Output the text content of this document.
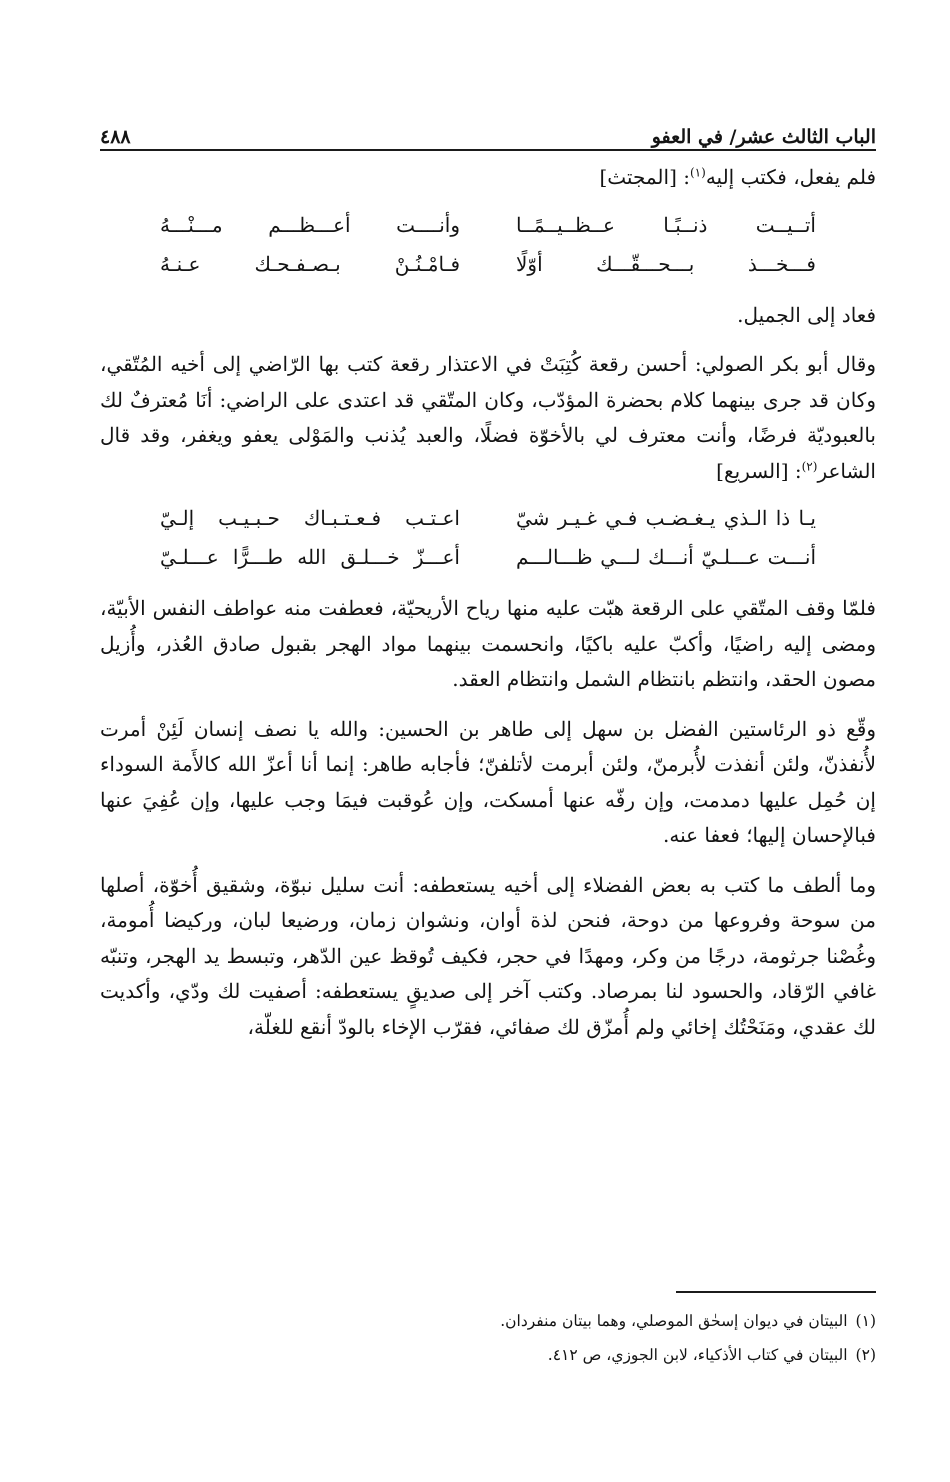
الباب الثالث عشر/ في العفو
٤٨٨

فلم يفعل، فكتب إليه$^{(١)}$: [المجتث]

أتــيــت ذنــبًـا عــظــيــمًــا
وأنــــت أعـــظـــم مـــنْـــهُ
فـــخـــذ بـــحـــقّـــك أوّلًا
فـامْـنُـنْ بـصـفـحـك عـنـهُ

فعاد إلى الجميل.

وقال أبو بكر الصولي: أحسن رقعة كُتِبَتْ في الاعتذار رقعة كتب بها الرّاضي إلى أخيه المُتّقي، وكان قد جرى بينهما كلام بحضرة المؤدّب، وكان المتّقي قد اعتدى على الراضي: أنَا مُعترفٌ لك بالعبوديّة فرضًا، وأنت معترف لي بالأخوّة فضلًا، والعبد يُذنب والمَوْلى يعفو ويغفر، وقد قال الشاعر$^{(٢)}$: [السريع]

يـا ذا الـذي يـغـضـب فـي غـيـر شيّ
اعـتـب فـعـتـبـاك حـبـيـب إلـيّ
أنـــت عـــلـيّ أنـــك لـــي ظـــالـــم
أعـــزّ خـــلـق الله طـــرًّا عـــلـيّ

فلمّا وقف المتّقي على الرقعة هبّت عليه منها رياح الأريحيّة، فعطفت منه عواطف النفس الأبيّة، ومضى إليه راضيًا، وأكبّ عليه باكيًا، وانحسمت بينهما مواد الهجر بقبول صادق العُذر، وأُزيل مصون الحقد، وانتظم بانتظام الشمل وانتظام العقد.

وقّع ذو الرئاستين الفضل بن سهل إلى طاهر بن الحسين: والله يا نصف إنسان لَئِنْ أمرت لأُنفذنّ، ولئن أنفذت لأُبرمنّ، ولئن أبرمت لأتلفنّ؛ فأجابه طاهر: إنما أنا أعزّ الله كالأَمة السوداء إن حُمِل عليها دمدمت، وإن رفّه عنها أمسكت، وإن عُوقبت فيمَا وجب عليها، وإن عُفِيَ عنها فبالإحسان إليها؛ فعفا عنه.

وما ألطف ما كتب به بعض الفضلاء إلى أخيه يستعطفه: أنت سليل نبوّة، وشقيق أُخوّة، أصلها من سوحة وفروعها من دوحة، فنحن لذة أوان، ونشوان زمان، ورضيعا لبان، وركيضا أُمومة، وغُصْنا جرثومة، درجًا من وكر، ومهدًا في حجر، فكيف تُوقظ عين الدّهر، وتبسط يد الهجر، وتنبّه غافي الرّقاد، والحسود لنا بمرصاد. وكتب آخر إلى صديقٍ يستعطفه: أصفيت لك ودّي، وأكديت لك عقدي، ومَنَحْتُك إخائي ولم أُمزّق لك صفائي، فقرّب الإخاء بالودّ أنقع للغلّة،

(١)
البيتان في ديوان إسحٰق الموصلي، وهما بيتان منفردان.
(٢)
البيتان في كتاب الأذكياء، لابن الجوزي، ص ٤١٢.
